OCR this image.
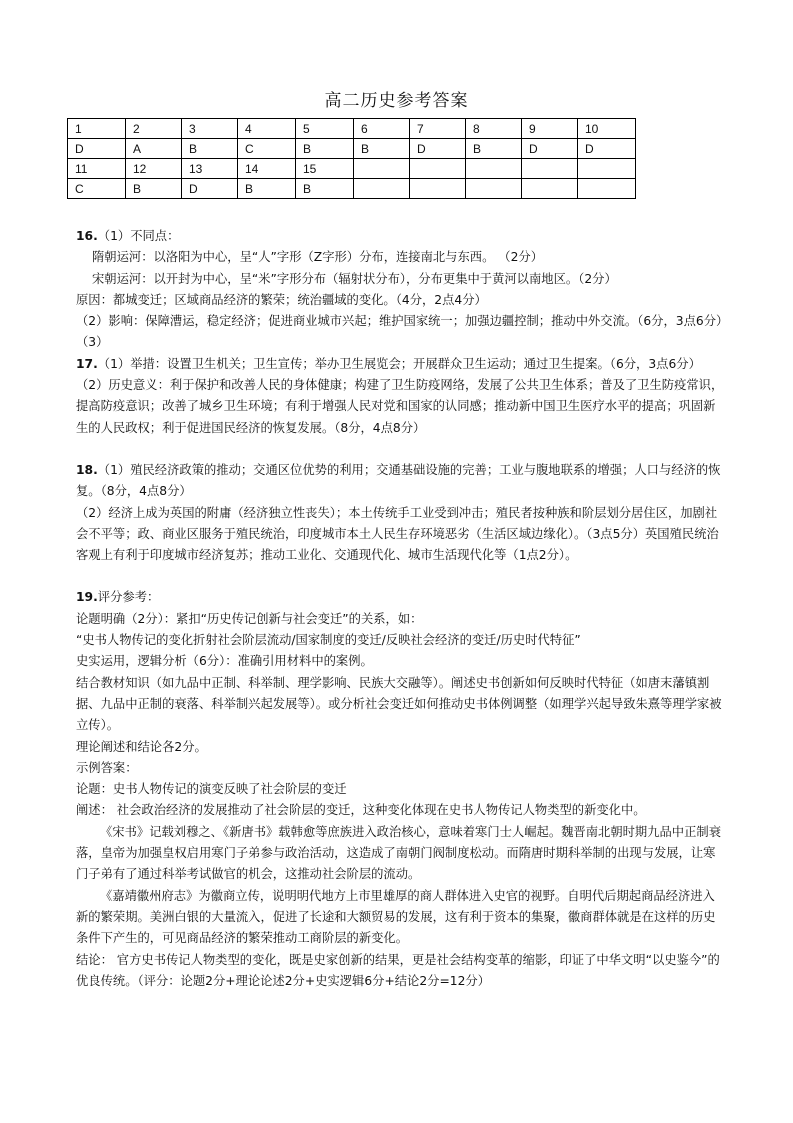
高二历史参考答案
1	2	3	4	5	6	7	8	9	10
D	A	B	C	B	B	D	B	D	D
11	12	13	14	15					
C	B	D	B	B					

16.（1）不同点：

隋朝运河：以洛阳为中心，呈“人”字形（Z字形）分布，连接南北与东西。 （2分）

宋朝运河：以开封为中心，呈“米”字形分布（辐射状分布），分布更集中于黄河以南地区。（2分）

原因：都城变迁；区域商品经济的繁荣；统治疆域的变化。（4分，2点4分）

（2）影响：保障漕运，稳定经济；促进商业城市兴起；维护国家统一；加强边疆控制；推动中外交流。（6分，3点6分）

（3）

17.（1）举措：设置卫生机关；卫生宣传；举办卫生展览会；开展群众卫生运动；通过卫生提案。（6分，3点6分）

（2）历史意义：利于保护和改善人民的身体健康；构建了卫生防疫网络，发展了公共卫生体系；普及了卫生防疫常识，提高防疫意识；改善了城乡卫生环境；有利于增强人民对党和国家的认同感；推动新中国卫生医疗水平的提高；巩固新生的人民政权；利于促进国民经济的恢复发展。（8分，4点8分）

18.（1）殖民经济政策的推动；交通区位优势的利用；交通基础设施的完善；工业与腹地联系的增强；人口与经济的恢复。（8分，4点8分）

（2）经济上成为英国的附庸（经济独立性丧失）；本土传统手工业受到冲击；殖民者按种族和阶层划分居住区，加剧社会不平等；政、商业区服务于殖民统治，印度城市本土人民生存环境恶劣（生活区域边缘化）。（3点5分）英国殖民统治客观上有利于印度城市经济复苏；推动工业化、交通现代化、城市生活现代化等（1点2分）。

19.评分参考：

论题明确（2分）：紧扣“历史传记创新与社会变迁”的关系，如：

“史书人物传记的变化折射社会阶层流动/国家制度的变迁/反映社会经济的变迁/历史时代特征”

史实运用，逻辑分析（6分）：准确引用材料中的案例。

结合教材知识（如九品中正制、科举制、理学影响、民族大交融等）。阐述史书创新如何反映时代特征（如唐末藩镇割据、九品中正制的衰落、科举制兴起发展等）。或分析社会变迁如何推动史书体例调整（如理学兴起导致朱熹等理学家被立传）。

理论阐述和结论各2分。

示例答案：

论题：史书人物传记的演变反映了社会阶层的变迁

阐述： 社会政治经济的发展推动了社会阶层的变迁，这种变化体现在史书人物传记人物类型的新变化中。

《宋书》记载刘穆之、《新唐书》载韩愈等庶族进入政治核心，意味着寒门士人崛起。魏晋南北朝时期九品中正制衰落，皇帝为加强皇权启用寒门子弟参与政治活动，这造成了南朝门阀制度松动。而隋唐时期科举制的出现与发展，让寒门子弟有了通过科举考试做官的机会，这推动社会阶层的流动。

《嘉靖徽州府志》为徽商立传，说明明代地方上市里雄厚的商人群体进入史官的视野。自明代后期起商品经济进入新的繁荣期。美洲白银的大量流入，促进了长途和大额贸易的发展，这有利于资本的集聚，徽商群体就是在这样的历史条件下产生的，可见商品经济的繁荣推动工商阶层的新变化。

结论： 官方史书传记人物类型的变化，既是史家创新的结果，更是社会结构变革的缩影，印证了中华文明“以史鉴今”的优良传统。（评分：论题2分+理论论述2分+史实逻辑6分+结论2分=12分）
